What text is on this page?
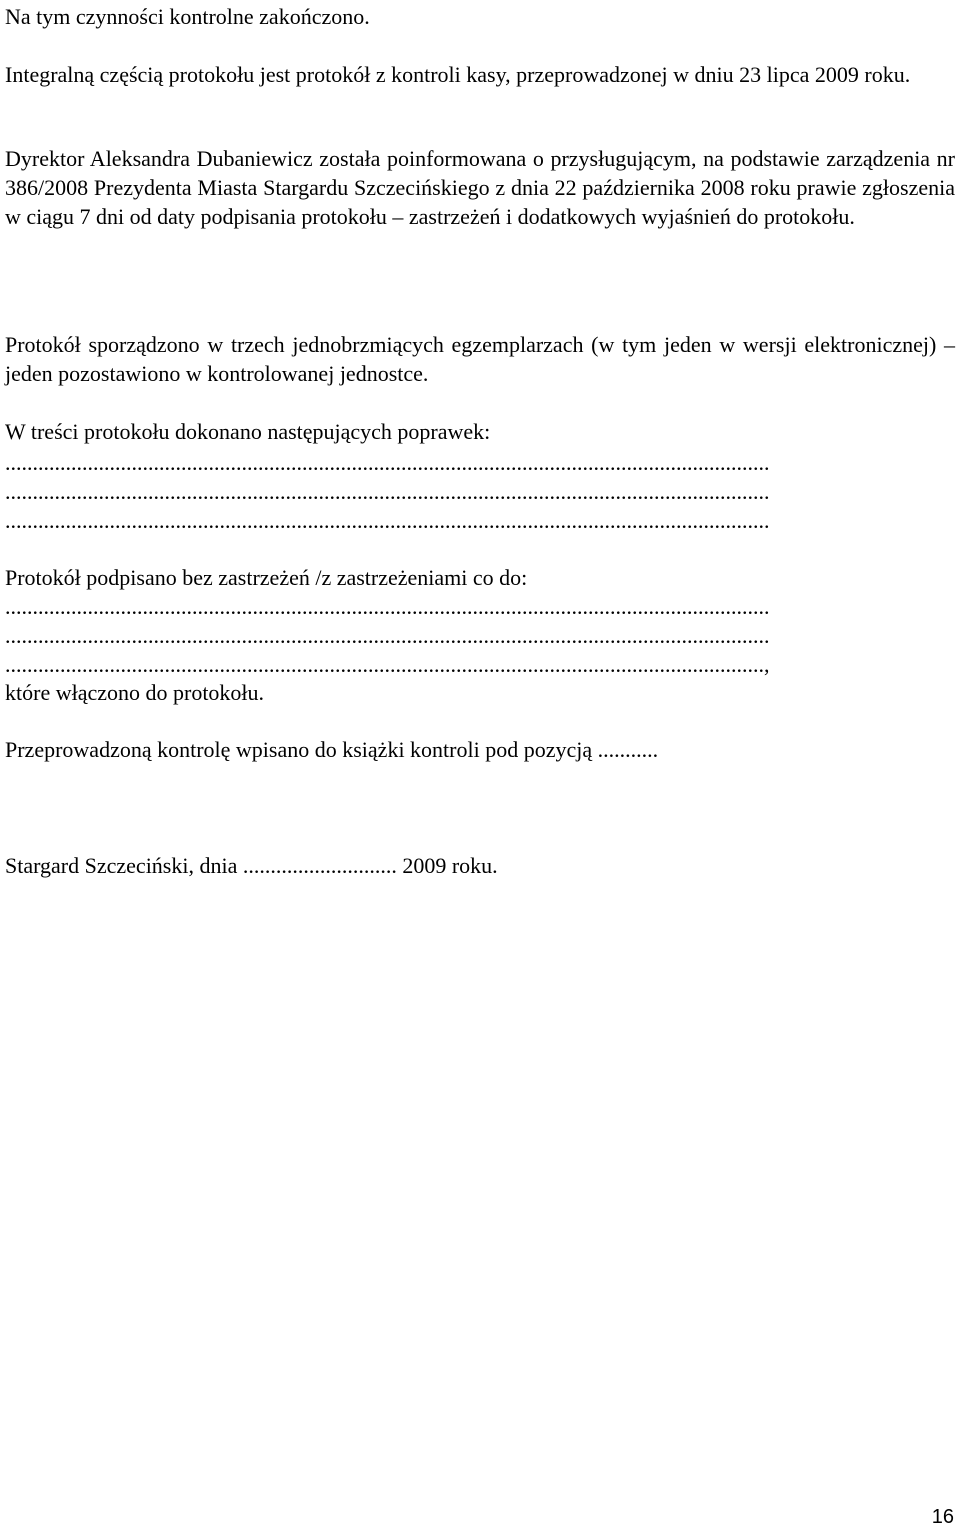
Na tym czynności kontrolne zakończono.

Integralną częścią protokołu jest protokół z kontroli kasy, przeprowadzonej w dniu 23 lipca 2009 roku.

Dyrektor Aleksandra Dubaniewicz została poinformowana o przysługującym, na podstawie zarządzenia nr 386/2008 Prezydenta Miasta Stargardu Szczecińskiego z dnia 22 października 2008 roku prawie zgłoszenia w ciągu 7 dni od daty podpisania protokołu – zastrzeżeń i dodatkowych wyjaśnień do protokołu.

Protokół sporządzono w trzech jednobrzmiących egzemplarzach (w tym jeden w wersji elektronicznej) – jeden pozostawiono w kontrolowanej jednostce.

W treści protokołu dokonano następujących poprawek:

...........................................................................................................................................
...........................................................................................................................................
...........................................................................................................................................

Protokół podpisano bez zastrzeżeń /z zastrzeżeniami co do:

...........................................................................................................................................
...........................................................................................................................................
..........................................................................................................................................,

które włączono do protokołu.

Przeprowadzoną kontrolę wpisano do książki kontroli pod pozycją ...........

Stargard Szczeciński, dnia ............................ 2009 roku.

16
